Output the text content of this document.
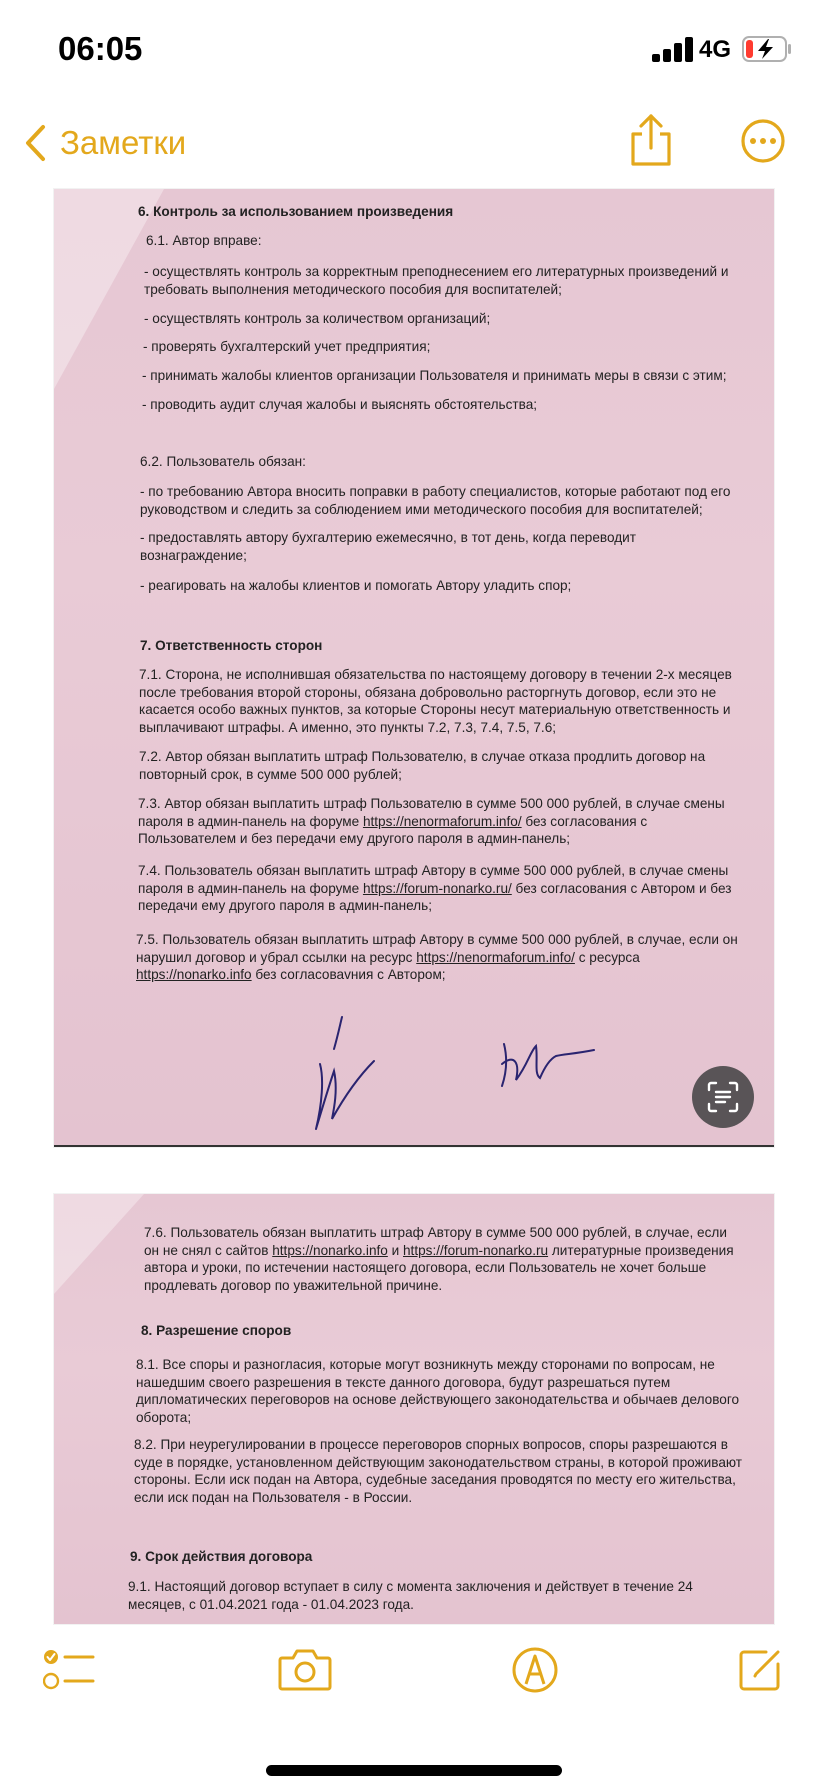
06:05	4G
Заметки

6. Контроль за использованием произведения

6.1. Автор вправе:

- осуществлять контроль за корректным преподнесением его литературных произведений и требовать выполнения методического пособия для воспитателей;

- осуществлять контроль за количеством организаций;

- проверять бухгалтерский учет предприятия;

- принимать жалобы клиентов организации Пользователя и принимать меры в связи с этим;

- проводить аудит случая жалобы и выяснять обстоятельства;

6.2. Пользователь обязан:

- по требованию Автора вносить поправки в работу специалистов, которые работают под его руководством и следить за соблюдением ими методического пособия для воспитателей;

- предоставлять автору бухгалтерию ежемесячно, в тот день, когда переводит вознаграждение;

- реагировать на жалобы клиентов и помогать Автору уладить спор;

7. Ответственность сторон

7.1. Сторона, не исполнившая обязательства по настоящему договору в течении 2-х месяцев после требования второй стороны, обязана добровольно расторгнуть договор, если это не касается особо важных пунктов, за которые Стороны несут материальную ответственность и выплачивают штрафы. А именно, это пункты 7.2, 7.3, 7.4, 7.5, 7.6;

7.2. Автор обязан выплатить штраф Пользователю, в случае отказа продлить договор на повторный срок, в сумме 500 000 рублей;

7.3. Автор обязан выплатить штраф Пользователю в сумме 500 000 рублей, в случае смены пароля в админ-панель на форуме https://nenormaforum.info/ без согласования с Пользователем и без передачи ему другого пароля в админ-панель;

7.4. Пользователь обязан выплатить штраф Автору в сумме 500 000 рублей, в случае смены пароля в админ-панель на форуме https://forum-nonarko.ru/ без согласования с Автором и без передачи ему другого пароля в админ-панель;

7.5. Пользователь обязан выплатить штраф Автору в сумме 500 000 рублей, в случае, если он нарушил договор и убрал ссылки на ресурс https://nenormaforum.info/ с ресурса https://nonarko.info без согласоваvния с Автором;

7.6. Пользователь обязан выплатить штраф Автору в сумме 500 000 рублей, в случае, если он не снял с сайтов https://nonarko.info и https://forum-nonarko.ru литературные произведения автора и уроки, по истечении настоящего договора, если Пользователь не хочет больше продлевать договор по уважительной причине.

8. Разрешение споров

8.1. Все споры и разногласия, которые могут возникнуть между сторонами по вопросам, не нашедшим своего разрешения в тексте данного договора, будут разрешаться путем дипломатических переговоров на основе действующего законодательства и обычаев делового оборота;

8.2. При неурегулировании в процессе переговоров спорных вопросов, споры разрешаются в суде в порядке, установленном действующим законодательством страны, в которой проживают стороны. Если иск подан на Автора, судебные заседания проводятся по месту его жительства, если иск подан на Пользователя - в России.

9. Срок действия договора

9.1. Настоящий договор вступает в силу с момента заключения и действует в течение 24 месяцев, с 01.04.2021 года - 01.04.2023 года.
